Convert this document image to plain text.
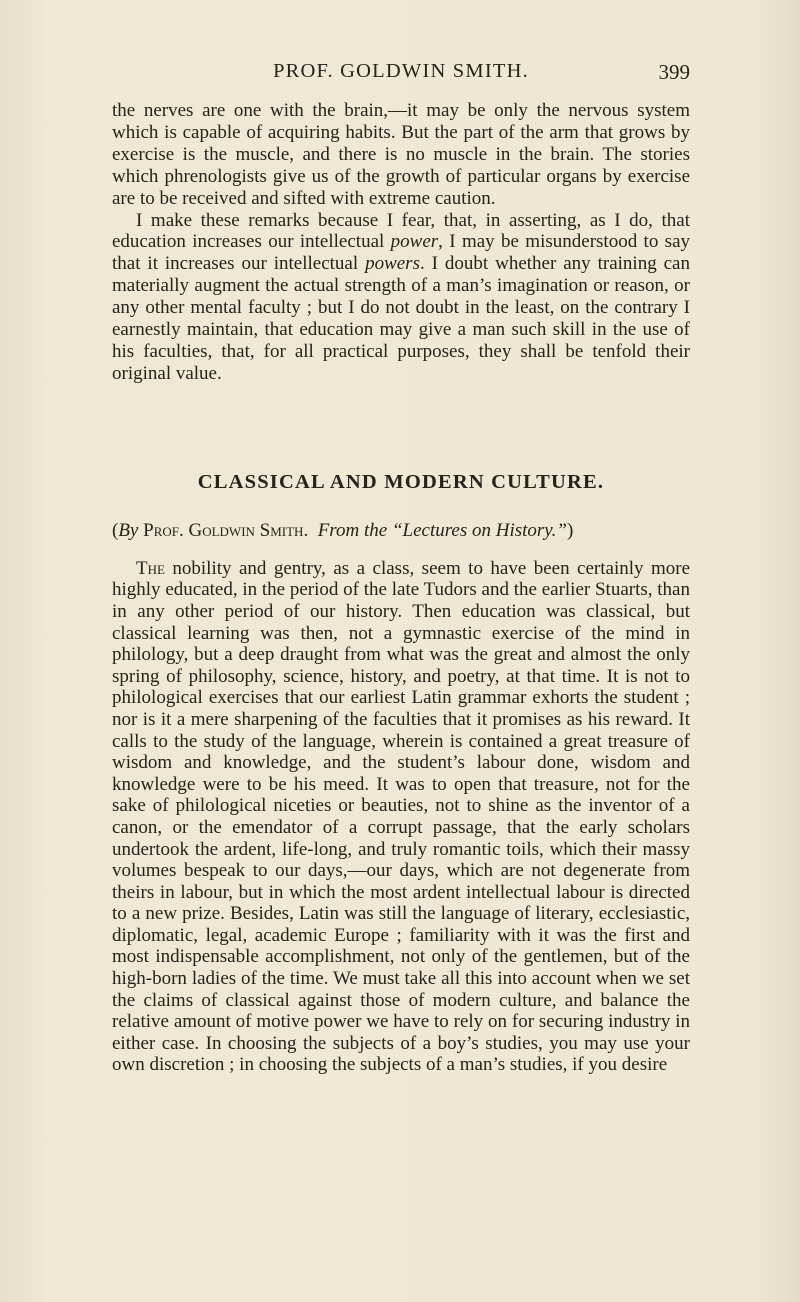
PROF. GOLDWIN SMITH.	399

the nerves are one with the brain,—it may be only the nervous system which is capable of acquiring habits. But the part of the arm that grows by exercise is the muscle, and there is no muscle in the brain. The stories which phrenologists give us of the growth of particular organs by exercise are to be received and sifted with extreme caution.

I make these remarks because I fear, that, in asserting, as I do, that education increases our intellectual power, I may be misunderstood to say that it increases our intellectual powers. I doubt whether any training can materially augment the actual strength of a man’s imagination or reason, or any other mental faculty ; but I do not doubt in the least, on the contrary I earnestly maintain, that education may give a man such skill in the use of his faculties, that, for all practical purposes, they shall be tenfold their original value.

CLASSICAL AND MODERN CULTURE.

(By Prof. Goldwin Smith. From the “Lectures on History.”)

The nobility and gentry, as a class, seem to have been certainly more highly educated, in the period of the late Tudors and the earlier Stuarts, than in any other period of our history. Then education was classical, but classical learning was then, not a gymnastic exercise of the mind in philology, but a deep draught from what was the great and almost the only spring of philosophy, science, history, and poetry, at that time. It is not to philological exercises that our earliest Latin grammar exhorts the student ; nor is it a mere sharpening of the faculties that it promises as his reward. It calls to the study of the language, wherein is contained a great treasure of wisdom and knowledge, and the student’s labour done, wisdom and knowledge were to be his meed. It was to open that treasure, not for the sake of philological niceties or beauties, not to shine as the inventor of a canon, or the emendator of a corrupt passage, that the early scholars undertook the ardent, life-long, and truly romantic toils, which their massy volumes bespeak to our days,—our days, which are not degenerate from theirs in labour, but in which the most ardent intellectual labour is directed to a new prize. Besides, Latin was still the language of literary, ecclesiastic, diplomatic, legal, academic Europe ; familiarity with it was the first and most indispensable accomplishment, not only of the gentlemen, but of the high-born ladies of the time. We must take all this into account when we set the claims of classical against those of modern culture, and balance the relative amount of motive power we have to rely on for securing industry in either case. In choosing the subjects of a boy’s studies, you may use your own discretion ; in choosing the subjects of a man’s studies, if you desire
